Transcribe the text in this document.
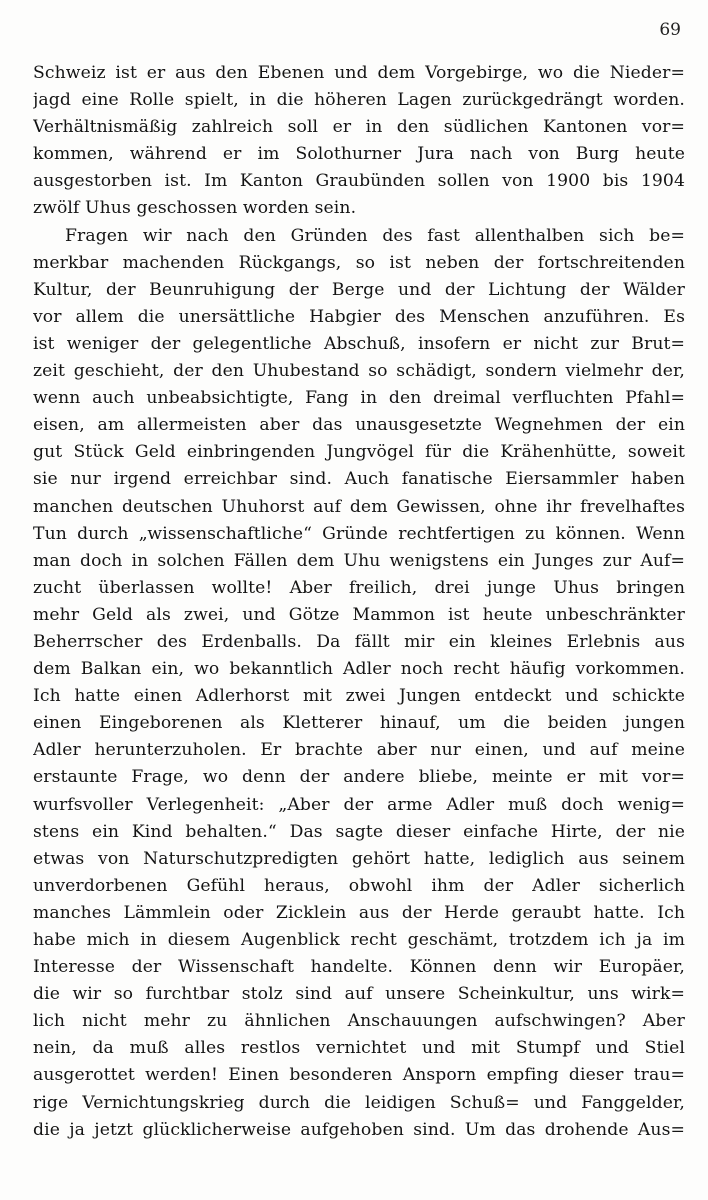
69
Schweiz ist er aus den Ebenen und dem Vorgebirge, wo die Nieder=
jagd eine Rolle spielt, in die höheren Lagen zurückgedrängt worden.
Verhältnismäßig zahlreich soll er in den südlichen Kantonen vor=
kommen, während er im Solothurner Jura nach von Burg heute
ausgestorben ist. Im Kanton Graubünden sollen von 1900 bis 1904
zwölf Uhus geschossen worden sein.
Fragen wir nach den Gründen des fast allenthalben sich be=
merkbar machenden Rückgangs, so ist neben der fortschreitenden
Kultur, der Beunruhigung der Berge und der Lichtung der Wälder
vor allem die unersättliche Habgier des Menschen anzuführen. Es
ist weniger der gelegentliche Abschuß, insofern er nicht zur Brut=
zeit geschieht, der den Uhubestand so schädigt, sondern vielmehr der,
wenn auch unbeabsichtigte, Fang in den dreimal verfluchten Pfahl=
eisen, am allermeisten aber das unausgesetzte Wegnehmen der ein
gut Stück Geld einbringenden Jungvögel für die Krähenhütte, soweit
sie nur irgend erreichbar sind. Auch fanatische Eiersammler haben
manchen deutschen Uhuhorst auf dem Gewissen, ohne ihr frevelhaftes
Tun durch „wissenschaftliche“ Gründe rechtfertigen zu können. Wenn
man doch in solchen Fällen dem Uhu wenigstens ein Junges zur Auf=
zucht überlassen wollte! Aber freilich, drei junge Uhus bringen
mehr Geld als zwei, und Götze Mammon ist heute unbeschränkter
Beherrscher des Erdenballs. Da fällt mir ein kleines Erlebnis aus
dem Balkan ein, wo bekanntlich Adler noch recht häufig vorkommen.
Ich hatte einen Adlerhorst mit zwei Jungen entdeckt und schickte
einen Eingeborenen als Kletterer hinauf, um die beiden jungen
Adler herunterzuholen. Er brachte aber nur einen, und auf meine
erstaunte Frage, wo denn der andere bliebe, meinte er mit vor=
wurfsvoller Verlegenheit: „Aber der arme Adler muß doch wenig=
stens ein Kind behalten.“ Das sagte dieser einfache Hirte, der nie
etwas von Naturschutzpredigten gehört hatte, lediglich aus seinem
unverdorbenen Gefühl heraus, obwohl ihm der Adler sicherlich
manches Lämmlein oder Zicklein aus der Herde geraubt hatte. Ich
habe mich in diesem Augenblick recht geschämt, trotzdem ich ja im
Interesse der Wissenschaft handelte. Können denn wir Europäer,
die wir so furchtbar stolz sind auf unsere Scheinkultur, uns wirk=
lich nicht mehr zu ähnlichen Anschauungen aufschwingen? Aber
nein, da muß alles restlos vernichtet und mit Stumpf und Stiel
ausgerottet werden! Einen besonderen Ansporn empfing dieser trau=
rige Vernichtungskrieg durch die leidigen Schuß= und Fanggelder,
die ja jetzt glücklicherweise aufgehoben sind. Um das drohende Aus=
